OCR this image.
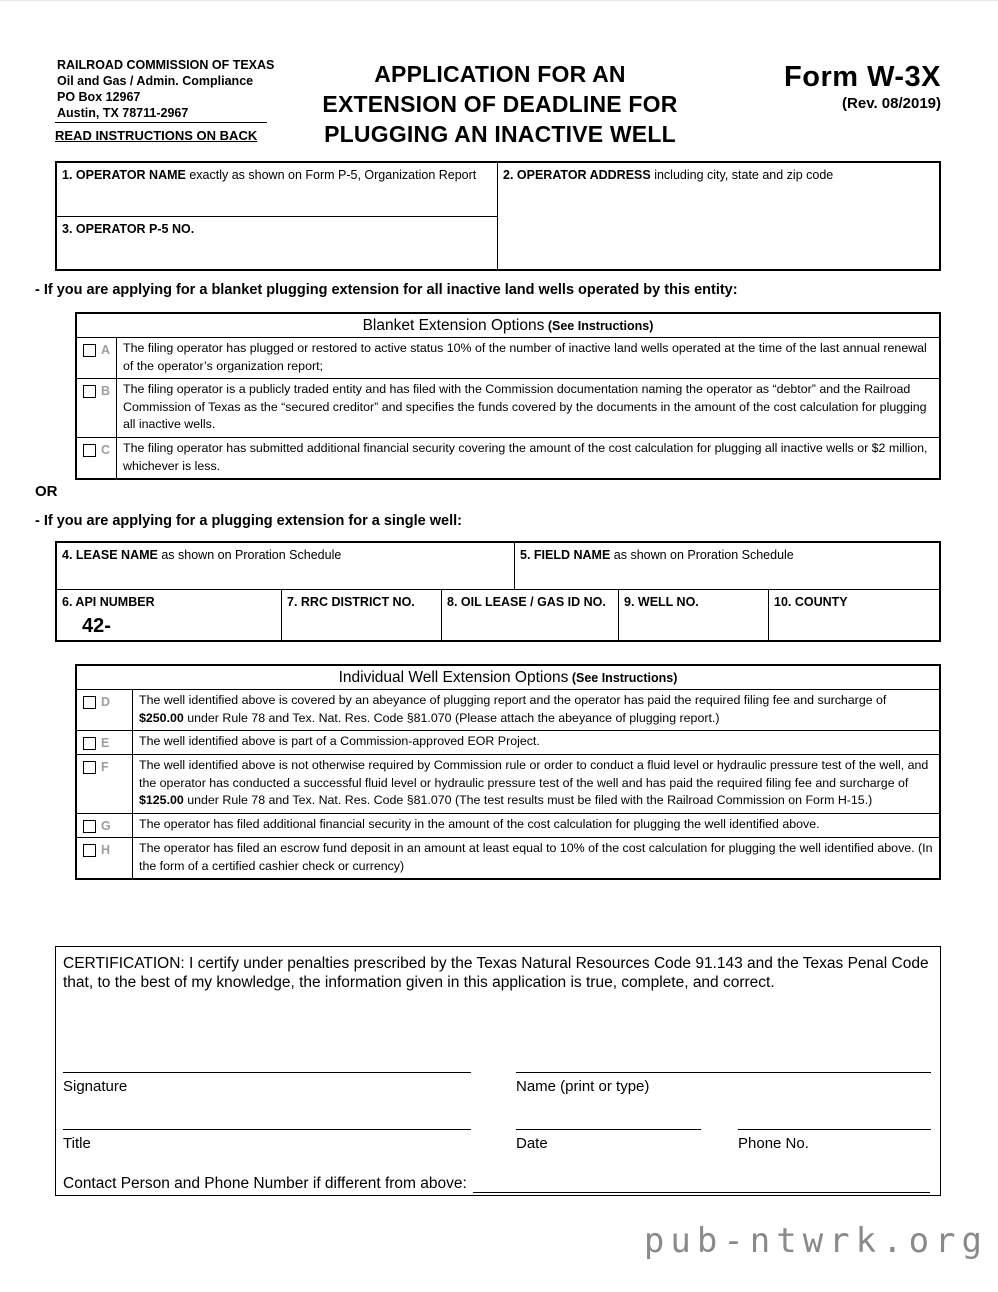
RAILROAD COMMISSION OF TEXAS
Oil and Gas / Admin. Compliance
PO Box 12967
Austin, TX 78711-2967
READ INSTRUCTIONS ON BACK
APPLICATION FOR AN
EXTENSION OF DEADLINE FOR
PLUGGING AN INACTIVE WELL
Form W-3X
(Rev. 08/2019)
1. OPERATOR NAME exactly as shown on Form P-5, Organization Report
3. OPERATOR P-5 NO.
2. OPERATOR ADDRESS including city, state and zip code
- If you are applying for a blanket plugging extension for all inactive land wells operated by this entity:
Blanket Extension Options (See Instructions)
A	The filing operator has plugged or restored to active status 10% of the number of inactive land wells operated at the time of the last annual renewal of the operator’s organization report;
B	The filing operator is a publicly traded entity and has filed with the Commission documentation naming the operator as “debtor” and the Railroad Commission of Texas as the “secured creditor” and specifies the funds covered by the documents in the amount of the cost calculation for plugging all inactive wells.
C	The filing operator has submitted additional financial security covering the amount of the cost calculation for plugging all inactive wells or $2 million, whichever is less.
OR
- If you are applying for a plugging extension for a single well:
4. LEASE NAME as shown on Proration Schedule	5. FIELD NAME as shown on Proration Schedule
6. API NUMBER
42-
7. RRC DISTRICT NO.	8. OIL LEASE / GAS ID NO.	9. WELL NO.	10. COUNTY
Individual Well Extension Options (See Instructions)
D	The well identified above is covered by an abeyance of plugging report and the operator has paid the required filing fee and surcharge of $250.00 under Rule 78 and Tex. Nat. Res. Code §81.070 (Please attach the abeyance of plugging report.)
E	The well identified above is part of a Commission-approved EOR Project.
F	The well identified above is not otherwise required by Commission rule or order to conduct a fluid level or hydraulic pressure test of the well, and the operator has conducted a successful fluid level or hydraulic pressure test of the well and has paid the required filing fee and surcharge of $125.00 under Rule 78 and Tex. Nat. Res. Code §81.070 (The test results must be filed with the Railroad Commission on Form H-15.)
G	The operator has filed additional financial security in the amount of the cost calculation for plugging the well identified above.
H	The operator has filed an escrow fund deposit in an amount at least equal to 10% of the cost calculation for plugging the well identified above. (In the form of a certified cashier check or currency)
CERTIFICATION: I certify under penalties prescribed by the Texas Natural Resources Code 91.143 and the Texas Penal Code that, to the best of my knowledge, the information given in this application is true, complete, and correct.
Signature	Name (print or type)
Title	Date	Phone No.
Contact Person and Phone Number if different from above:
pub-ntwrk.org
